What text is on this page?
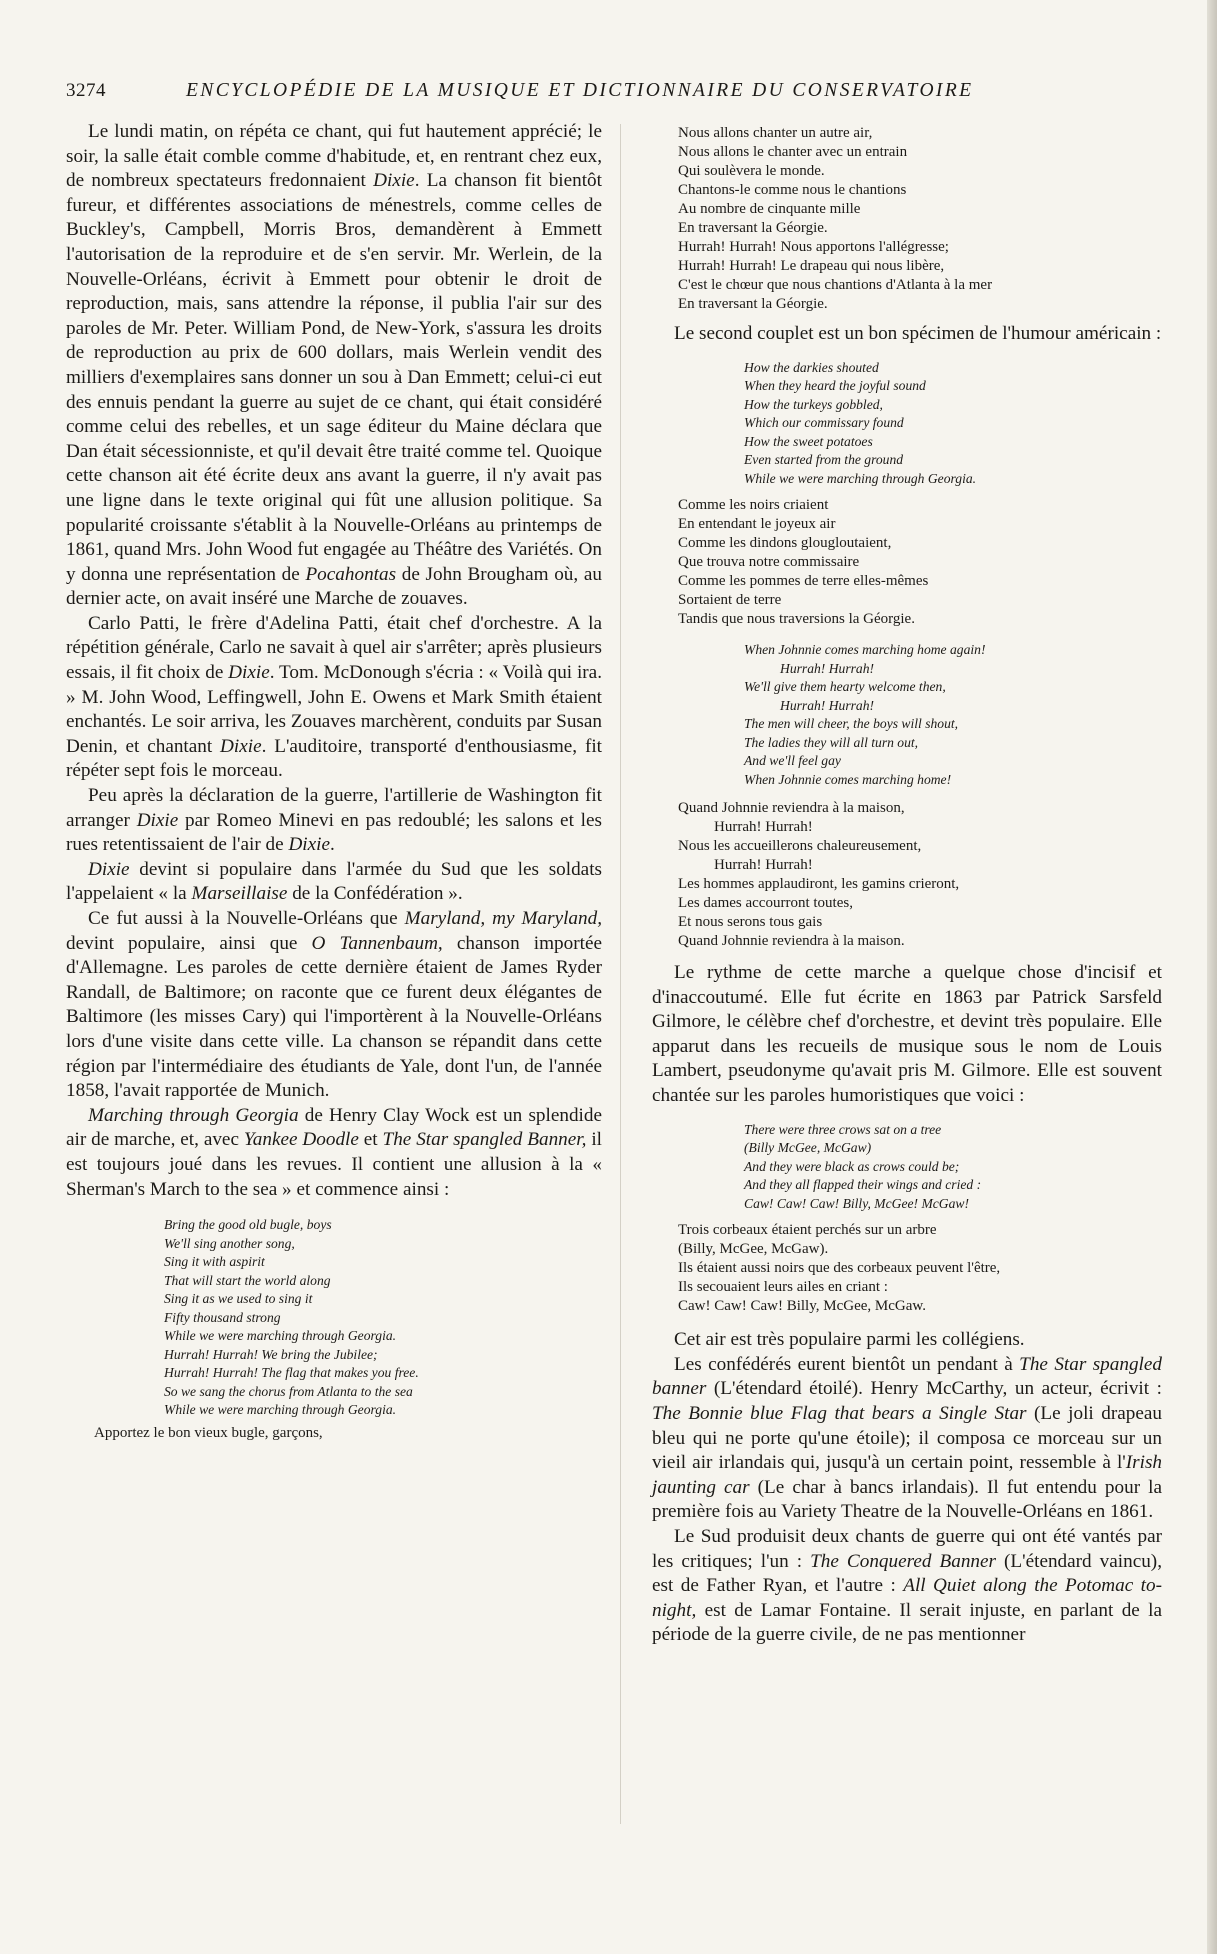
3274	ENCYCLOPÉDIE DE LA MUSIQUE ET DICTIONNAIRE DU CONSERVATOIRE

Le lundi matin, on répéta ce chant, qui fut hautement apprécié; le soir, la salle était comble comme d'habitude, et, en rentrant chez eux, de nombreux spectateurs fredonnaient Dixie. La chanson fit bientôt fureur, et différentes associations de ménestrels, comme celles de Buckley's, Campbell, Morris Bros, demandèrent à Emmett l'autorisation de la reproduire et de s'en servir. Mr. Werlein, de la Nouvelle-Orléans, écrivit à Emmett pour obtenir le droit de reproduction, mais, sans attendre la réponse, il publia l'air sur des paroles de Mr. Peter. William Pond, de New-York, s'assura les droits de reproduction au prix de 600 dollars, mais Werlein vendit des milliers d'exemplaires sans donner un sou à Dan Emmett; celui-ci eut des ennuis pendant la guerre au sujet de ce chant, qui était considéré comme celui des rebelles, et un sage éditeur du Maine déclara que Dan était sécessionniste, et qu'il devait être traité comme tel. Quoique cette chanson ait été écrite deux ans avant la guerre, il n'y avait pas une ligne dans le texte original qui fût une allusion politique. Sa popularité croissante s'établit à la Nouvelle-Orléans au printemps de 1861, quand Mrs. John Wood fut engagée au Théâtre des Variétés. On y donna une représentation de Pocahontas de John Brougham où, au dernier acte, on avait inséré une Marche de zouaves.

Carlo Patti, le frère d'Adelina Patti, était chef d'orchestre. A la répétition générale, Carlo ne savait à quel air s'arrêter; après plusieurs essais, il fit choix de Dixie. Tom. McDonough s'écria : « Voilà qui ira. » M. John Wood, Leffingwell, John E. Owens et Mark Smith étaient enchantés. Le soir arriva, les Zouaves marchèrent, conduits par Susan Denin, et chantant Dixie. L'auditoire, transporté d'enthousiasme, fit répéter sept fois le morceau.

Peu après la déclaration de la guerre, l'artillerie de Washington fit arranger Dixie par Romeo Minevi en pas redoublé; les salons et les rues retentissaient de l'air de Dixie.

Dixie devint si populaire dans l'armée du Sud que les soldats l'appelaient « la Marseillaise de la Confédération ».

Ce fut aussi à la Nouvelle-Orléans que Maryland, my Maryland, devint populaire, ainsi que O Tannenbaum, chanson importée d'Allemagne. Les paroles de cette dernière étaient de James Ryder Randall, de Baltimore; on raconte que ce furent deux élégantes de Baltimore (les misses Cary) qui l'importèrent à la Nouvelle-Orléans lors d'une visite dans cette ville. La chanson se répandit dans cette région par l'intermédiaire des étudiants de Yale, dont l'un, de l'année 1858, l'avait rapportée de Munich.

Marching through Georgia de Henry Clay Wock est un splendide air de marche, et, avec Yankee Doodle et The Star spangled Banner, il est toujours joué dans les revues. Il contient une allusion à la « Sherman's March to the sea » et commence ainsi :

Bring the good old bugle, boys
We'll sing another song,
Sing it with aspirit
That will start the world along
Sing it as we used to sing it
Fifty thousand strong
While we were marching through Georgia.
Hurrah! Hurrah! We bring the Jubilee;
Hurrah! Hurrah! The flag that makes you free.
So we sang the chorus from Atlanta to the sea
While we were marching through Georgia.
Apportez le bon vieux bugle, garçons,
Nous allons chanter un autre air,
Nous allons le chanter avec un entrain
Qui soulèvera le monde.
Chantons-le comme nous le chantions
Au nombre de cinquante mille
En traversant la Géorgie.
Hurrah! Hurrah! Nous apportons l'allégresse;
Hurrah! Hurrah! Le drapeau qui nous libère,
C'est le chœur que nous chantions d'Atlanta à la mer
En traversant la Géorgie.

Le second couplet est un bon spécimen de l'humour américain :

How the darkies shouted
When they heard the joyful sound
How the turkeys gobbled,
Which our commissary found
How the sweet potatoes
Even started from the ground
While we were marching through Georgia.
Comme les noirs criaient
En entendant le joyeux air
Comme les dindons glougloutaient,
Que trouva notre commissaire
Comme les pommes de terre elles-mêmes
Sortaient de terre
Tandis que nous traversions la Géorgie.
When Johnnie comes marching home again!
Hurrah! Hurrah!
We'll give them hearty welcome then,
Hurrah! Hurrah!
The men will cheer, the boys will shout,
The ladies they will all turn out,
And we'll feel gay
When Johnnie comes marching home!
Quand Johnnie reviendra à la maison,
Hurrah! Hurrah!
Nous les accueillerons chaleureusement,
Hurrah! Hurrah!
Les hommes applaudiront, les gamins crieront,
Les dames accourront toutes,
Et nous serons tous gais
Quand Johnnie reviendra à la maison.

Le rythme de cette marche a quelque chose d'incisif et d'inaccoutumé. Elle fut écrite en 1863 par Patrick Sarsfeld Gilmore, le célèbre chef d'orchestre, et devint très populaire. Elle apparut dans les recueils de musique sous le nom de Louis Lambert, pseudonyme qu'avait pris M. Gilmore. Elle est souvent chantée sur les paroles humoristiques que voici :

There were three crows sat on a tree
(Billy McGee, McGaw)
And they were black as crows could be;
And they all flapped their wings and cried :
Caw! Caw! Caw! Billy, McGee! McGaw!
Trois corbeaux étaient perchés sur un arbre
(Billy, McGee, McGaw).
Ils étaient aussi noirs que des corbeaux peuvent l'être,
Ils secouaient leurs ailes en criant :
Caw! Caw! Caw! Billy, McGee, McGaw.

Cet air est très populaire parmi les collégiens.

Les confédérés eurent bientôt un pendant à The Star spangled banner (L'étendard étoilé). Henry McCarthy, un acteur, écrivit : The Bonnie blue Flag that bears a Single Star (Le joli drapeau bleu qui ne porte qu'une étoile); il composa ce morceau sur un vieil air irlandais qui, jusqu'à un certain point, ressemble à l'Irish jaunting car (Le char à bancs irlandais). Il fut entendu pour la première fois au Variety Theatre de la Nouvelle-Orléans en 1861.

Le Sud produisit deux chants de guerre qui ont été vantés par les critiques; l'un : The Conquered Banner (L'étendard vaincu), est de Father Ryan, et l'autre : All Quiet along the Potomac to-night, est de Lamar Fontaine. Il serait injuste, en parlant de la période de la guerre civile, de ne pas mentionner
